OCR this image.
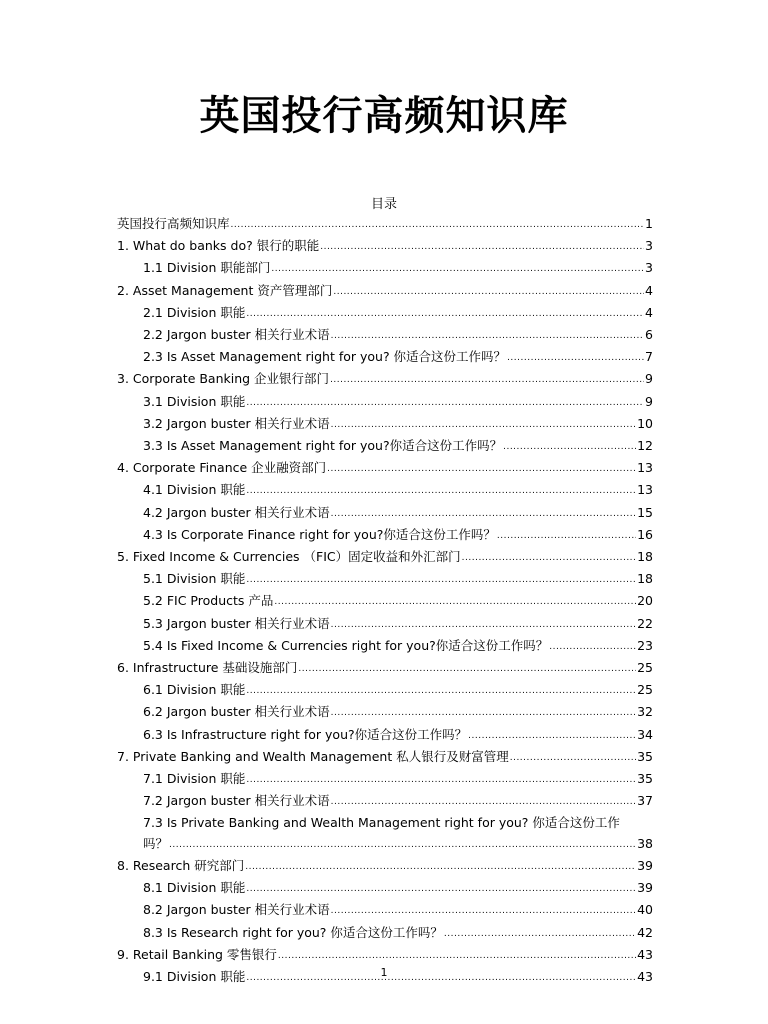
英国投行高频知识库
目录
英国投行高频知识库 .....	1
1. What do banks do? 银行的职能 .....	3
1.1 Division 职能部门 .....	3
2. Asset Management 资产管理部门 .....	4
2.1 Division 职能 .....	4
2.2 Jargon buster 相关行业术语 .....	6
2.3 Is Asset Management right for you? 你适合这份工作吗？ .....	7
3. Corporate Banking 企业银行部门 .....	9
3.1 Division 职能 .....	9
3.2 Jargon buster 相关行业术语 .....	10
3.3 Is Asset Management right for you?你适合这份工作吗？ .....	12
4. Corporate Finance 企业融资部门 .....	13
4.1 Division 职能 .....	13
4.2 Jargon buster 相关行业术语 .....	15
4.3 Is Corporate Finance right for you?你适合这份工作吗？ .....	16
5. Fixed Income & Currencies （FIC）固定收益和外汇部门 .....	18
5.1 Division 职能 .....	18
5.2 FIC Products 产品 .....	20
5.3 Jargon buster 相关行业术语 .....	22
5.4 Is Fixed Income & Currencies right for you?你适合这份工作吗？ .....	23
6. Infrastructure 基础设施部门 .....	25
6.1 Division 职能 .....	25
6.2 Jargon buster 相关行业术语 .....	32
6.3 Is Infrastructure right for you?你适合这份工作吗？ .....	34
7. Private Banking and Wealth Management 私人银行及财富管理 .....	35
7.1 Division 职能 .....	35
7.2 Jargon buster 相关行业术语 .....	37
7.3 Is Private Banking and Wealth Management right for you? 你适合这份工作
吗？ .....	38
8. Research 研究部门 .....	39
8.1 Division 职能 .....	39
8.2 Jargon buster 相关行业术语 .....	40
8.3 Is Research right for you? 你适合这份工作吗？ .....	42
9. Retail Banking 零售银行 .....	43
9.1 Division 职能 .....	43
1
